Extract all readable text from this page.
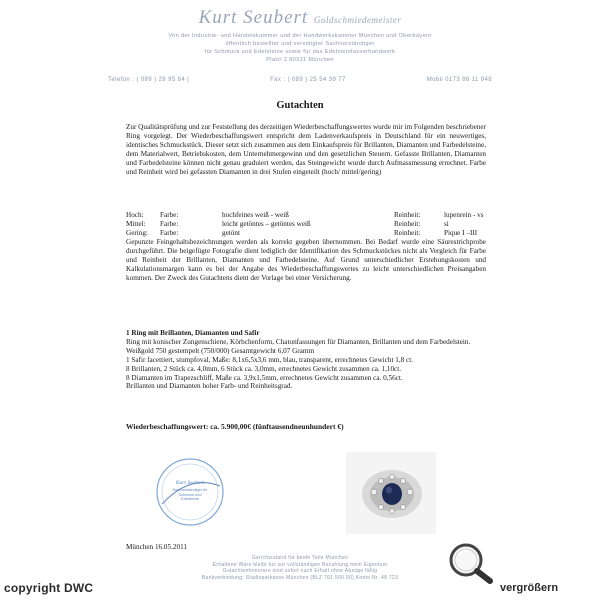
Kurt Seubert Goldschmiedemeister
Von der Industrie- und Handelskammer und der Handwerkskammer München und Oberbayern
öffentlich bestellter und vereidigter Sachverständiger
für Schmuck und Edelsteine sowie für das Edelsteinfasserhandwerk
Platzl 2 80331 München
Telefon : ( 089 ) 29 95 64 |	Fax : ( 089 ) 25 54 39 77	Mobil 0173 86 11 948
Gutachten

Zur Qualitätsprüfung und zur Feststellung des derzeitigen Wiederbeschaffungswertes wurde mir im Folgenden beschriebener Ring vorgelegt. Der Wiederbeschaffungswert entspricht dem Ladenverkaufspreis in Deutschland für ein neuwertiges, identisches Schmuckstück. Dieser setzt sich zusammen aus dem Einkaufspreis für Brillanten, Diamanten und Farbedelsteine, dem Materialwert, Betriebskosten, dem Unternehmergewinn und den gesetzlichen Steuern. Gefasste Brillanten, Diamanten und Farbedelsteine können nicht genau graduiert werden, das Steingewicht wurde durch Aufmassmessung errechnet. Farbe und Reinheit wird bei gefassten Diamanten in drei Stufen eingeteilt (hoch/ mittel/gering)

Hoch:	Farbe:	hochfeines weiß - weiß	Reinheit:	lupenrein - vs
Mittel:	Farbe:	leicht getöntes – getöntes weiß	Reinheit:	si
Gering:	Farbe:	getönt	Reinheit:	Pique I –III

Gepunzte Feingehaltsbezeichnungen werden als korrekt gegeben übernommen. Bei Bedarf wurde eine Säurestrichprobe durchgeführt. Die beigefügte Fotografie dient lediglich der Identifikation des Schmuckstückes nicht als Vergleich für Farbe und Reinheit der Brillanten, Diamanten und Farbedelsteine. Auf Grund unterschiedlicher Erstehungskosten und Kalkulationsmargen kann es bei der Angabe des Wiederbeschaffungswertes zu leicht unterschiedlichen Preisangaben kommen. Der Zweck des Gutachtens dient der Vorlage bei einer Versicherung.

1 Ring mit Brillanten, Diamanten und Safir
Ring mit konischer Zungenschiene, Körbchenform, Chatonfassungen für Diamanten, Brillanten und dem Farbedelstein.
Weißgold 750 gestempelt (750/000) Gesamtgewicht 6,07 Gramm
1 Safir facettiert, stumpfoval, Maße: 8,1x6,5x3,6 mm, blau, transparent, errechnetes Gewicht 1,8 ct.
8 Brillanten, 2 Stück ca. 4,0mm, 6 Stück ca. 3,0mm, errechnetes Gewicht zusammen ca. 1,10ct.
8 Diamanten im Trapezschliff, Maße ca. 3,9x1,5mm, errechnetes Gewicht zusammen ca. 0,56ct.
Brillanten und Diamanten hoher Farb- und Reinheitsgrad.
Wiederbeschaffungswert: ca. 5.900,00€ (fünftausendneunhundert €)
Kurt Seubert
Sachverständiger für Schmuck und Edelsteine
München 16.05.2011
Gerichtsstand für beide Teile München
Erhaltene Ware bleibt bis zur vollständigen Bezahlung mein Eigentum
Gutachtenhonorare sind sofort nach Erhalt ohne Abzüge fällig
Bankverbindung: Stadtsparkasse München (BLZ 701 500 00) Konto Nr. 48 723
copyright DWC	vergrößern
